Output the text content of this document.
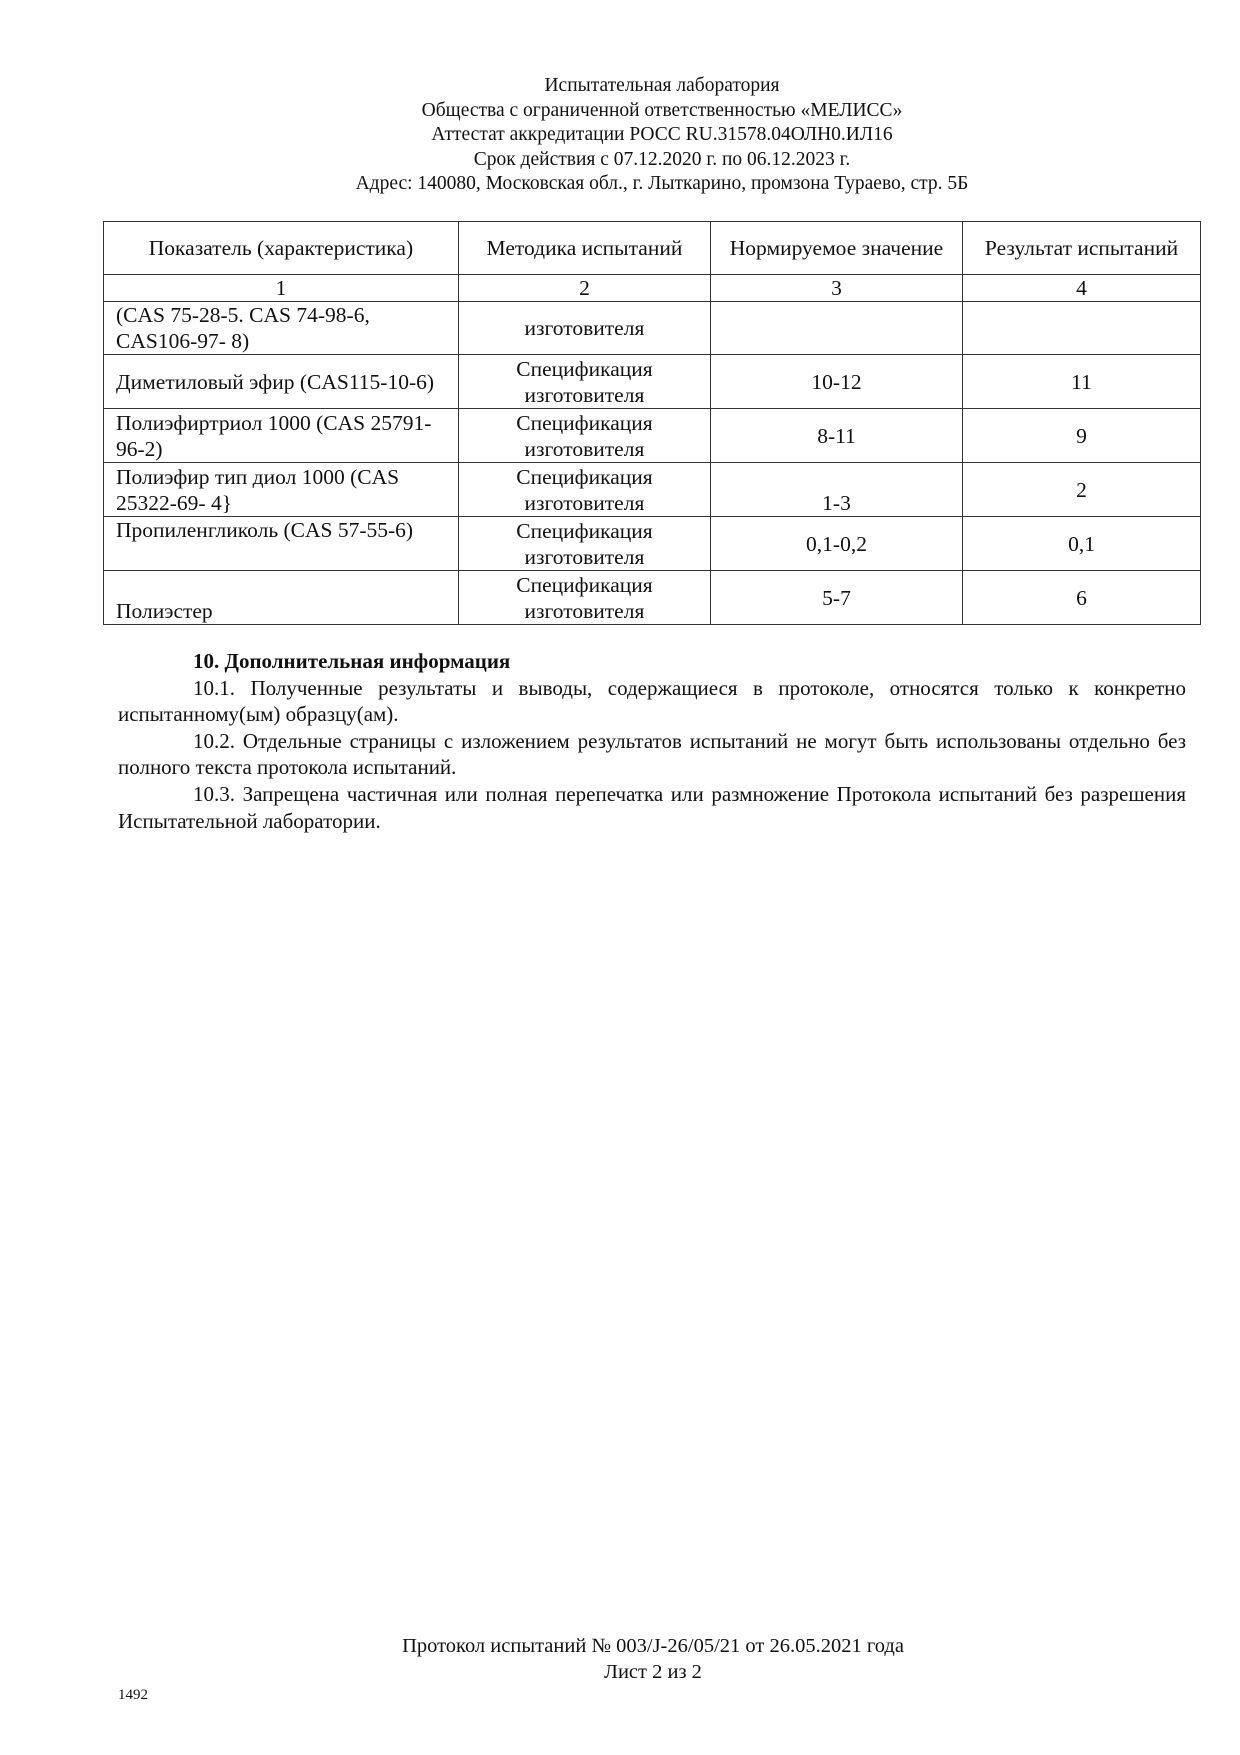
Испытательная лаборатория
Общества с ограниченной ответственностью «МЕЛИСС»
Аттестат аккредитации РОСС RU.31578.04ОЛН0.ИЛ16
Срок действия с 07.12.2020 г. по 06.12.2023 г.
Адрес: 140080, Московская обл., г. Лыткарино, промзона Тураево, стр. 5Б
Показатель (характеристика)	Методика испытаний	Нормируемое значение	Результат испытаний
1	2	3	4
(CAS 75-28-5. CAS 74-98-6, CAS106-97- 8)	изготовителя		
Диметиловый эфир (CAS115-10-6)	Спецификация изготовителя	10-12	11
Полиэфиртриол 1000 (CAS 25791-96-2)	Спецификация изготовителя	8-11	9
Полиэфир тип диол 1000 (CAS 25322-69- 4}	Спецификация изготовителя	1-3	2
Пропиленгликоль (CAS 57-55-6)	Спецификация изготовителя	0,1-0,2	0,1
Полиэстер	Спецификация изготовителя	5-7	6
10. Дополнительная информация

10.1. Полученные результаты и выводы, содержащиеся в протоколе, относятся только к конкретно испытанному(ым) образцу(ам).

10.2. Отдельные страницы с изложением результатов испытаний не могут быть использованы отдельно без полного текста протокола испытаний.

10.3. Запрещена частичная или полная перепечатка или размножение Протокола испытаний без разрешения Испытательной лаборатории.

Протокол испытаний № 003/J-26/05/21 от 26.05.2021 года
Лист 2 из 2
1492
